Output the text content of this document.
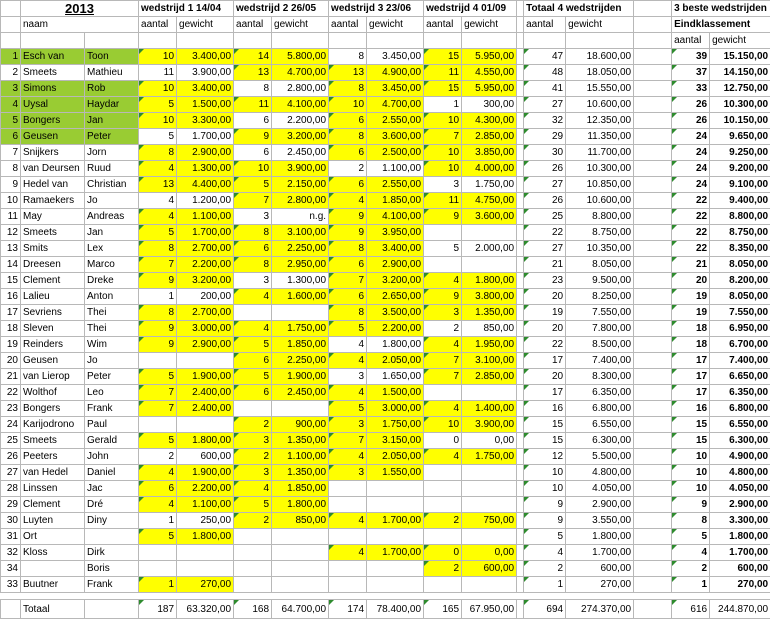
	2013		wedstrijd 1 14/04		wedstrijd 2 26/05		wedstrijd 3 23/06		wedstrijd 4 01/09			Totaal 4 wedstrijden			3 beste wedstrijden	
	naam		aantal	gewicht	aantal	gewicht	aantal	gewicht	aantal	gewicht		aantal	gewicht		Eindklassement	
															aantal	gewicht
1	Esch van	Toon	10	3.400,00	14	5.800,00	8	3.450,00	15	5.950,00		47	18.600,00		39	15.150,00
2	Smeets	Mathieu	11	3.900,00	13	4.700,00	13	4.900,00	11	4.550,00		48	18.050,00		37	14.150,00
3	Simons	Rob	10	3.400,00	8	2.800,00	8	3.450,00	15	5.950,00		41	15.550,00		33	12.750,00
4	Uysal	Haydar	5	1.500,00	11	4.100,00	10	4.700,00	1	300,00		27	10.600,00		26	10.300,00
5	Bongers	Jan	10	3.300,00	6	2.200,00	6	2.550,00	10	4.300,00		32	12.350,00		26	10.150,00
6	Geusen	Peter	5	1.700,00	9	3.200,00	8	3.600,00	7	2.850,00		29	11.350,00		24	9.650,00
7	Snijkers	Jorn	8	2.900,00	6	2.450,00	6	2.500,00	10	3.850,00		30	11.700,00		24	9.250,00
8	van Deursen	Ruud	4	1.300,00	10	3.900,00	2	1.100,00	10	4.000,00		26	10.300,00		24	9.200,00
9	Hedel van	Christian	13	4.400,00	5	2.150,00	6	2.550,00	3	1.750,00		27	10.850,00		24	9.100,00
10	Ramaekers	Jo	4	1.200,00	7	2.800,00	4	1.850,00	11	4.750,00		26	10.600,00		22	9.400,00
11	May	Andreas	4	1.100,00	3	n.g.	9	4.100,00	9	3.600,00		25	8.800,00		22	8.800,00
12	Smeets	Jan	5	1.700,00	8	3.100,00	9	3.950,00				22	8.750,00		22	8.750,00
13	Smits	Lex	8	2.700,00	6	2.250,00	8	3.400,00	5	2.000,00		27	10.350,00		22	8.350,00
14	Dreesen	Marco	7	2.200,00	8	2.950,00	6	2.900,00				21	8.050,00		21	8.050,00
15	Clement	Dreke	9	3.200,00	3	1.300,00	7	3.200,00	4	1.800,00		23	9.500,00		20	8.200,00
16	Lalieu	Anton	1	200,00	4	1.600,00	6	2.650,00	9	3.800,00		20	8.250,00		19	8.050,00
17	Sevriens	Thei	8	2.700,00			8	3.500,00	3	1.350,00		19	7.550,00		19	7.550,00
18	Sleven	Thei	9	3.000,00	4	1.750,00	5	2.200,00	2	850,00		20	7.800,00		18	6.950,00
19	Reinders	Wim	9	2.900,00	5	1.850,00	4	1.800,00	4	1.950,00		22	8.500,00		18	6.700,00
20	Geusen	Jo			6	2.250,00	4	2.050,00	7	3.100,00		17	7.400,00		17	7.400,00
21	van Lierop	Peter	5	1.900,00	5	1.900,00	3	1.650,00	7	2.850,00		20	8.300,00		17	6.650,00
22	Wolthof	Leo	7	2.400,00	6	2.450,00	4	1.500,00				17	6.350,00		17	6.350,00
23	Bongers	Frank	7	2.400,00			5	3.000,00	4	1.400,00		16	6.800,00		16	6.800,00
24	Karijodrono	Paul			2	900,00	3	1.750,00	10	3.900,00		15	6.550,00		15	6.550,00
25	Smeets	Gerald	5	1.800,00	3	1.350,00	7	3.150,00	0	0,00		15	6.300,00		15	6.300,00
26	Peeters	John	2	600,00	2	1.100,00	4	2.050,00	4	1.750,00		12	5.500,00		10	4.900,00
27	van Hedel	Daniel	4	1.900,00	3	1.350,00	3	1.550,00				10	4.800,00		10	4.800,00
28	Linssen	Jac	6	2.200,00	4	1.850,00						10	4.050,00		10	4.050,00
29	Clement	Dré	4	1.100,00	5	1.800,00						9	2.900,00		9	2.900,00
30	Luyten	Diny	1	250,00	2	850,00	4	1.700,00	2	750,00		9	3.550,00		8	3.300,00
31	Ort		5	1.800,00								5	1.800,00		5	1.800,00
32	Kloss	Dirk					4	1.700,00	0	0,00		4	1.700,00		4	1.700,00
34		Boris							2	600,00		2	600,00		2	600,00
33	Buutner	Frank	1	270,00								1	270,00		1	270,00

	Totaal		187	63.320,00	168	64.700,00	174	78.400,00	165	67.950,00		694	274.370,00		616	244.870,00
